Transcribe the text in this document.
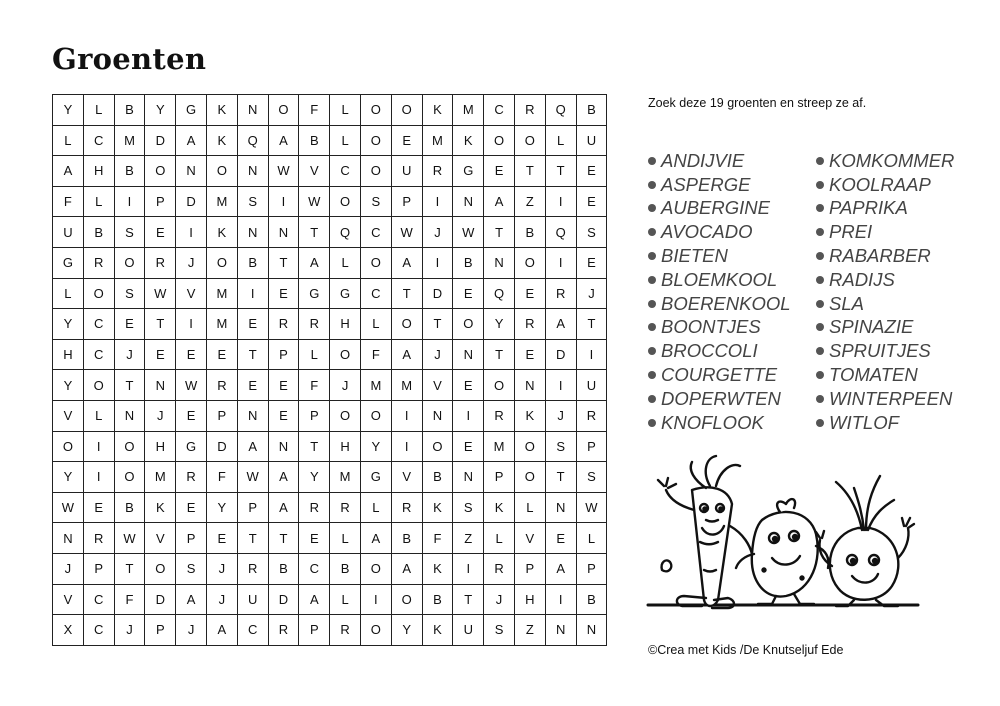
Groenten
Y	L	B	Y	G	K	N	O	F	L	O	O	K	M	C	R	Q	B
L	C	M	D	A	K	Q	A	B	L	O	E	M	K	O	O	L	U
A	H	B	O	N	O	N	W	V	C	O	U	R	G	E	T	T	E
F	L	I	P	D	M	S	I	W	O	S	P	I	N	A	Z	I	E
U	B	S	E	I	K	N	N	T	Q	C	W	J	W	T	B	Q	S
G	R	O	R	J	O	B	T	A	L	O	A	I	B	N	O	I	E
L	O	S	W	V	M	I	E	G	G	C	T	D	E	Q	E	R	J
Y	C	E	T	I	M	E	R	R	H	L	O	T	O	Y	R	A	T
H	C	J	E	E	E	T	P	L	O	F	A	J	N	T	E	D	I
Y	O	T	N	W	R	E	E	F	J	M	M	V	E	O	N	I	U
V	L	N	J	E	P	N	E	P	O	O	I	N	I	R	K	J	R
O	I	O	H	G	D	A	N	T	H	Y	I	O	E	M	O	S	P
Y	I	O	M	R	F	W	A	Y	M	G	V	B	N	P	O	T	S
W	E	B	K	E	Y	P	A	R	R	L	R	K	S	K	L	N	W
N	R	W	V	P	E	T	T	E	L	A	B	F	Z	L	V	E	L
J	P	T	O	S	J	R	B	C	B	O	A	K	I	R	P	A	P
V	C	F	D	A	J	U	D	A	L	I	O	B	T	J	H	I	B
X	C	J	P	J	A	C	R	P	R	O	Y	K	U	S	Z	N	N

Zoek deze 19 groenten en streep ze af.

ANDIJVIE
ASPERGE
AUBERGINE
AVOCADO
BIETEN
BLOEMKOOL
BOERENKOOL
BOONTJES
BROCCOLI
COURGETTE
DOPERWTEN
KNOFLOOK
KOMKOMMER
KOOLRAAP
PAPRIKA
PREI
RABARBER
RADIJS
SLA
SPINAZIE
SPRUITJES
TOMATEN
WINTERPEEN
WITLOF

©Crea met Kids /De Knutseljuf Ede
